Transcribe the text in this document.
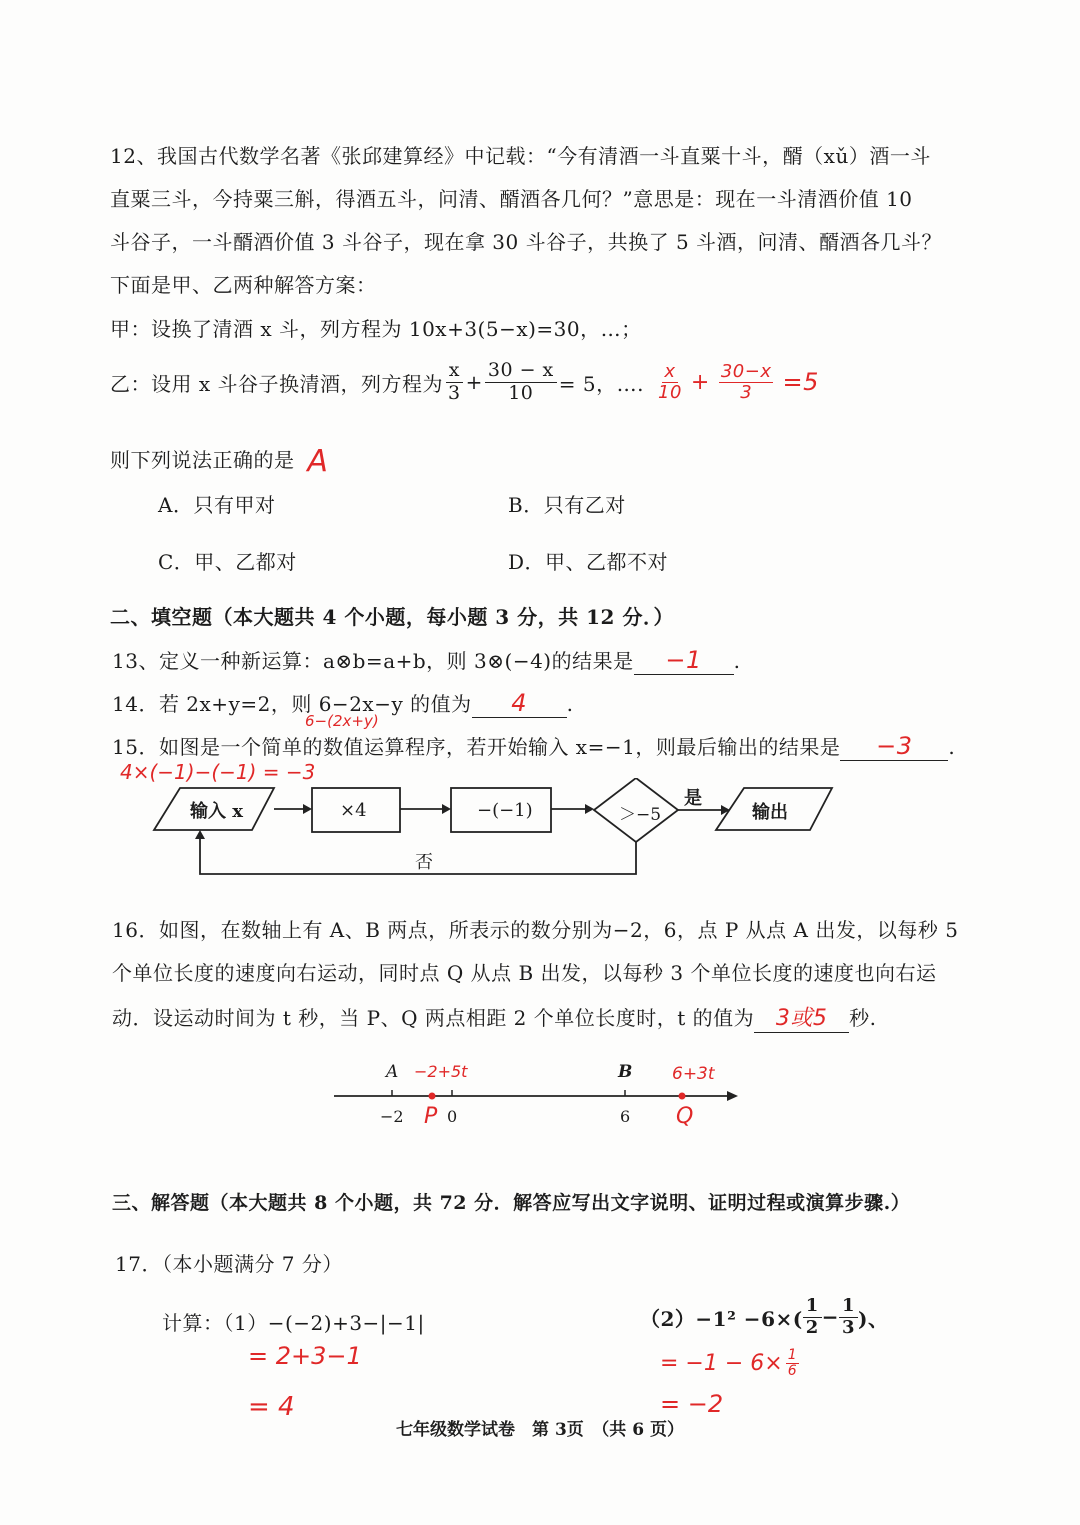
12、我国古代数学名著《张邱建算经》中记载：“今有清酒一斗直粟十斗，醑（xǔ）酒一斗
直粟三斗，今持粟三斛，得酒五斗，问清、醑酒各几何？”意思是：现在一斗清酒价值 10
斗谷子，一斗醑酒价值 3 斗谷子，现在拿 30 斗谷子，共换了 5 斗酒，问清、醑酒各几斗？
下面是甲、乙两种解答方案：
甲：设换了清酒 x 斗，列方程为 10x+3(5−x)=30，…；
乙：设用 x 斗谷子换清酒，列方程为 $\frac{x}{3} + \frac{30 - x}{10} = 5$，…. $\frac{x}{10} + \frac{30-x}{3} =5$
则下列说法正确的是 A
A．只有甲对	B．只有乙对
C．甲、乙都对	D．甲、乙都不对
二、填空题（本大题共 4 个小题，每小题 3 分，共 12 分．）
13、定义一种新运算：a⊗b=a+b，则 3⊗(−4)的结果是 −1 .
14．若 2x+y=2，则 6−2x−y 的值为 4 .
6−(2x+y)
15．如图是一个简单的数值运算程序，若开始输入 x=−1，则最后输出的结果是 −3 .
4×(−1)−(−1) = −3
输入 x	×4	−(−1)	＞−5
是
输出
否
16．如图，在数轴上有 A、B 两点，所表示的数分别为−2，6，点 P 从点 A 出发，以每秒 5
个单位长度的速度向右运动，同时点 Q 从点 B 出发，以每秒 3 个单位长度的速度也向右运
动．设运动时间为 t 秒，当 P、Q 两点相距 2 个单位长度时，t 的值为 3或5 秒.
A	B
−2+5t	6+3t
−2	0	6
P	Q
三、解答题（本大题共 8 个小题，共 72 分．解答应写出文字说明、证明过程或演算步骤.）
17．（本小题满分 7 分）
计算：（1）−(−2)+3−|−1|
= 2+3−1
= 4
$(2)-1^2 -6\times( \frac{1}{2} - \frac{1}{3}$ )、
= $-1 - 6\times \frac{1}{6}$
= −2
七年级数学试卷　第 3页　（共 6 页）
